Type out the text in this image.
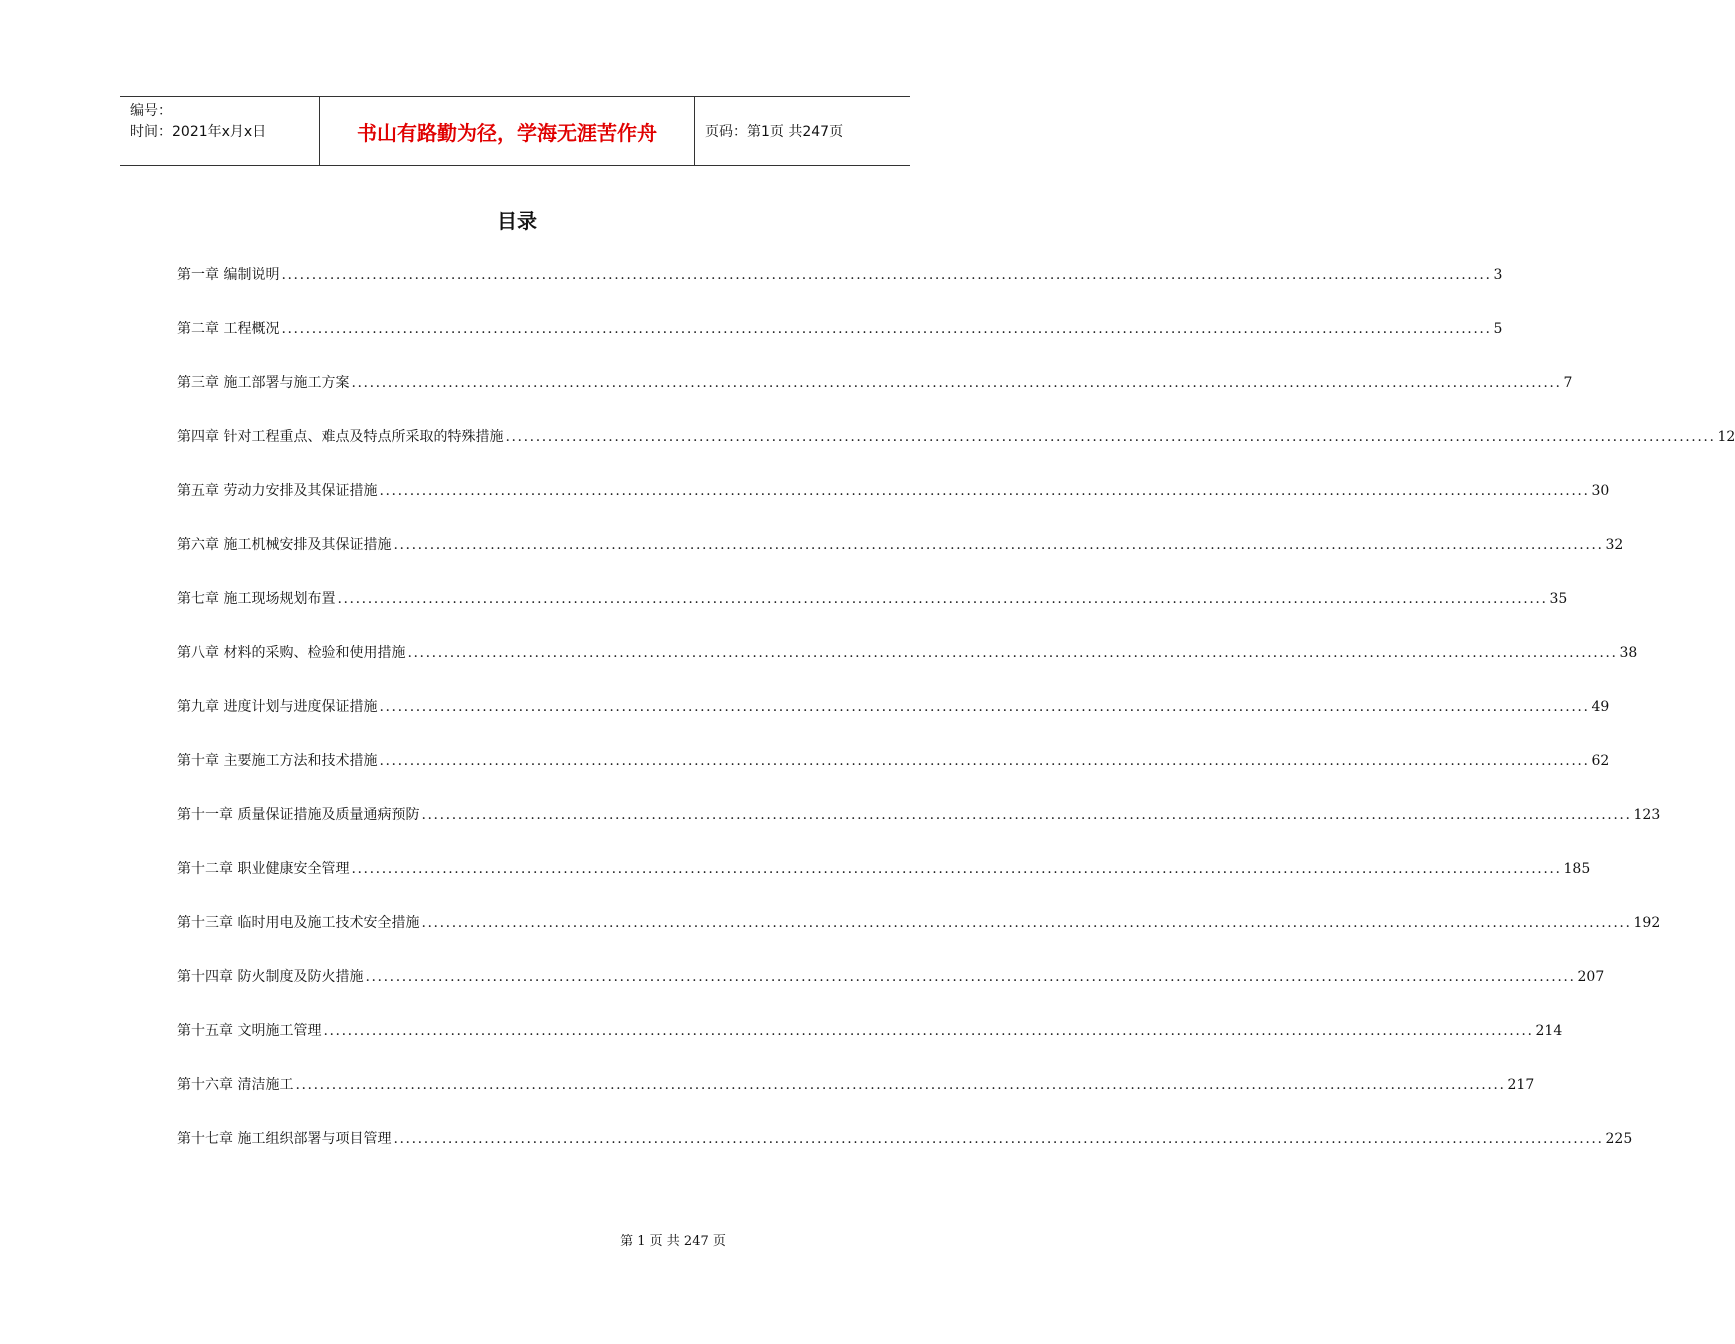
编号：
时间：2021年x月x日	书山有路勤为径，学海无涯苦作舟	页码：第1页 共247页
目录
第一章 编制说明 ........................................................................................................................................................................................................ 3
第二章 工程概况 ........................................................................................................................................................................................................ 5
第三章 施工部署与施工方案 ........................................................................................................................................................................................................ 7
第四章 针对工程重点、难点及特点所采取的特殊措施 ........................................................................................................................................................................................................ 12
第五章 劳动力安排及其保证措施 ........................................................................................................................................................................................................ 30
第六章 施工机械安排及其保证措施 ........................................................................................................................................................................................................ 32
第七章 施工现场规划布置 ........................................................................................................................................................................................................ 35
第八章 材料的采购、检验和使用措施 ........................................................................................................................................................................................................ 38
第九章 进度计划与进度保证措施 ........................................................................................................................................................................................................ 49
第十章 主要施工方法和技术措施 ........................................................................................................................................................................................................ 62
第十一章 质量保证措施及质量通病预防 ........................................................................................................................................................................................................ 123
第十二章 职业健康安全管理 ........................................................................................................................................................................................................ 185
第十三章 临时用电及施工技术安全措施 ........................................................................................................................................................................................................ 192
第十四章 防火制度及防火措施 ........................................................................................................................................................................................................ 207
第十五章 文明施工管理 ........................................................................................................................................................................................................ 214
第十六章 清洁施工 ........................................................................................................................................................................................................ 217
第十七章 施工组织部署与项目管理 ........................................................................................................................................................................................................ 225
第 1 页 共 247 页
